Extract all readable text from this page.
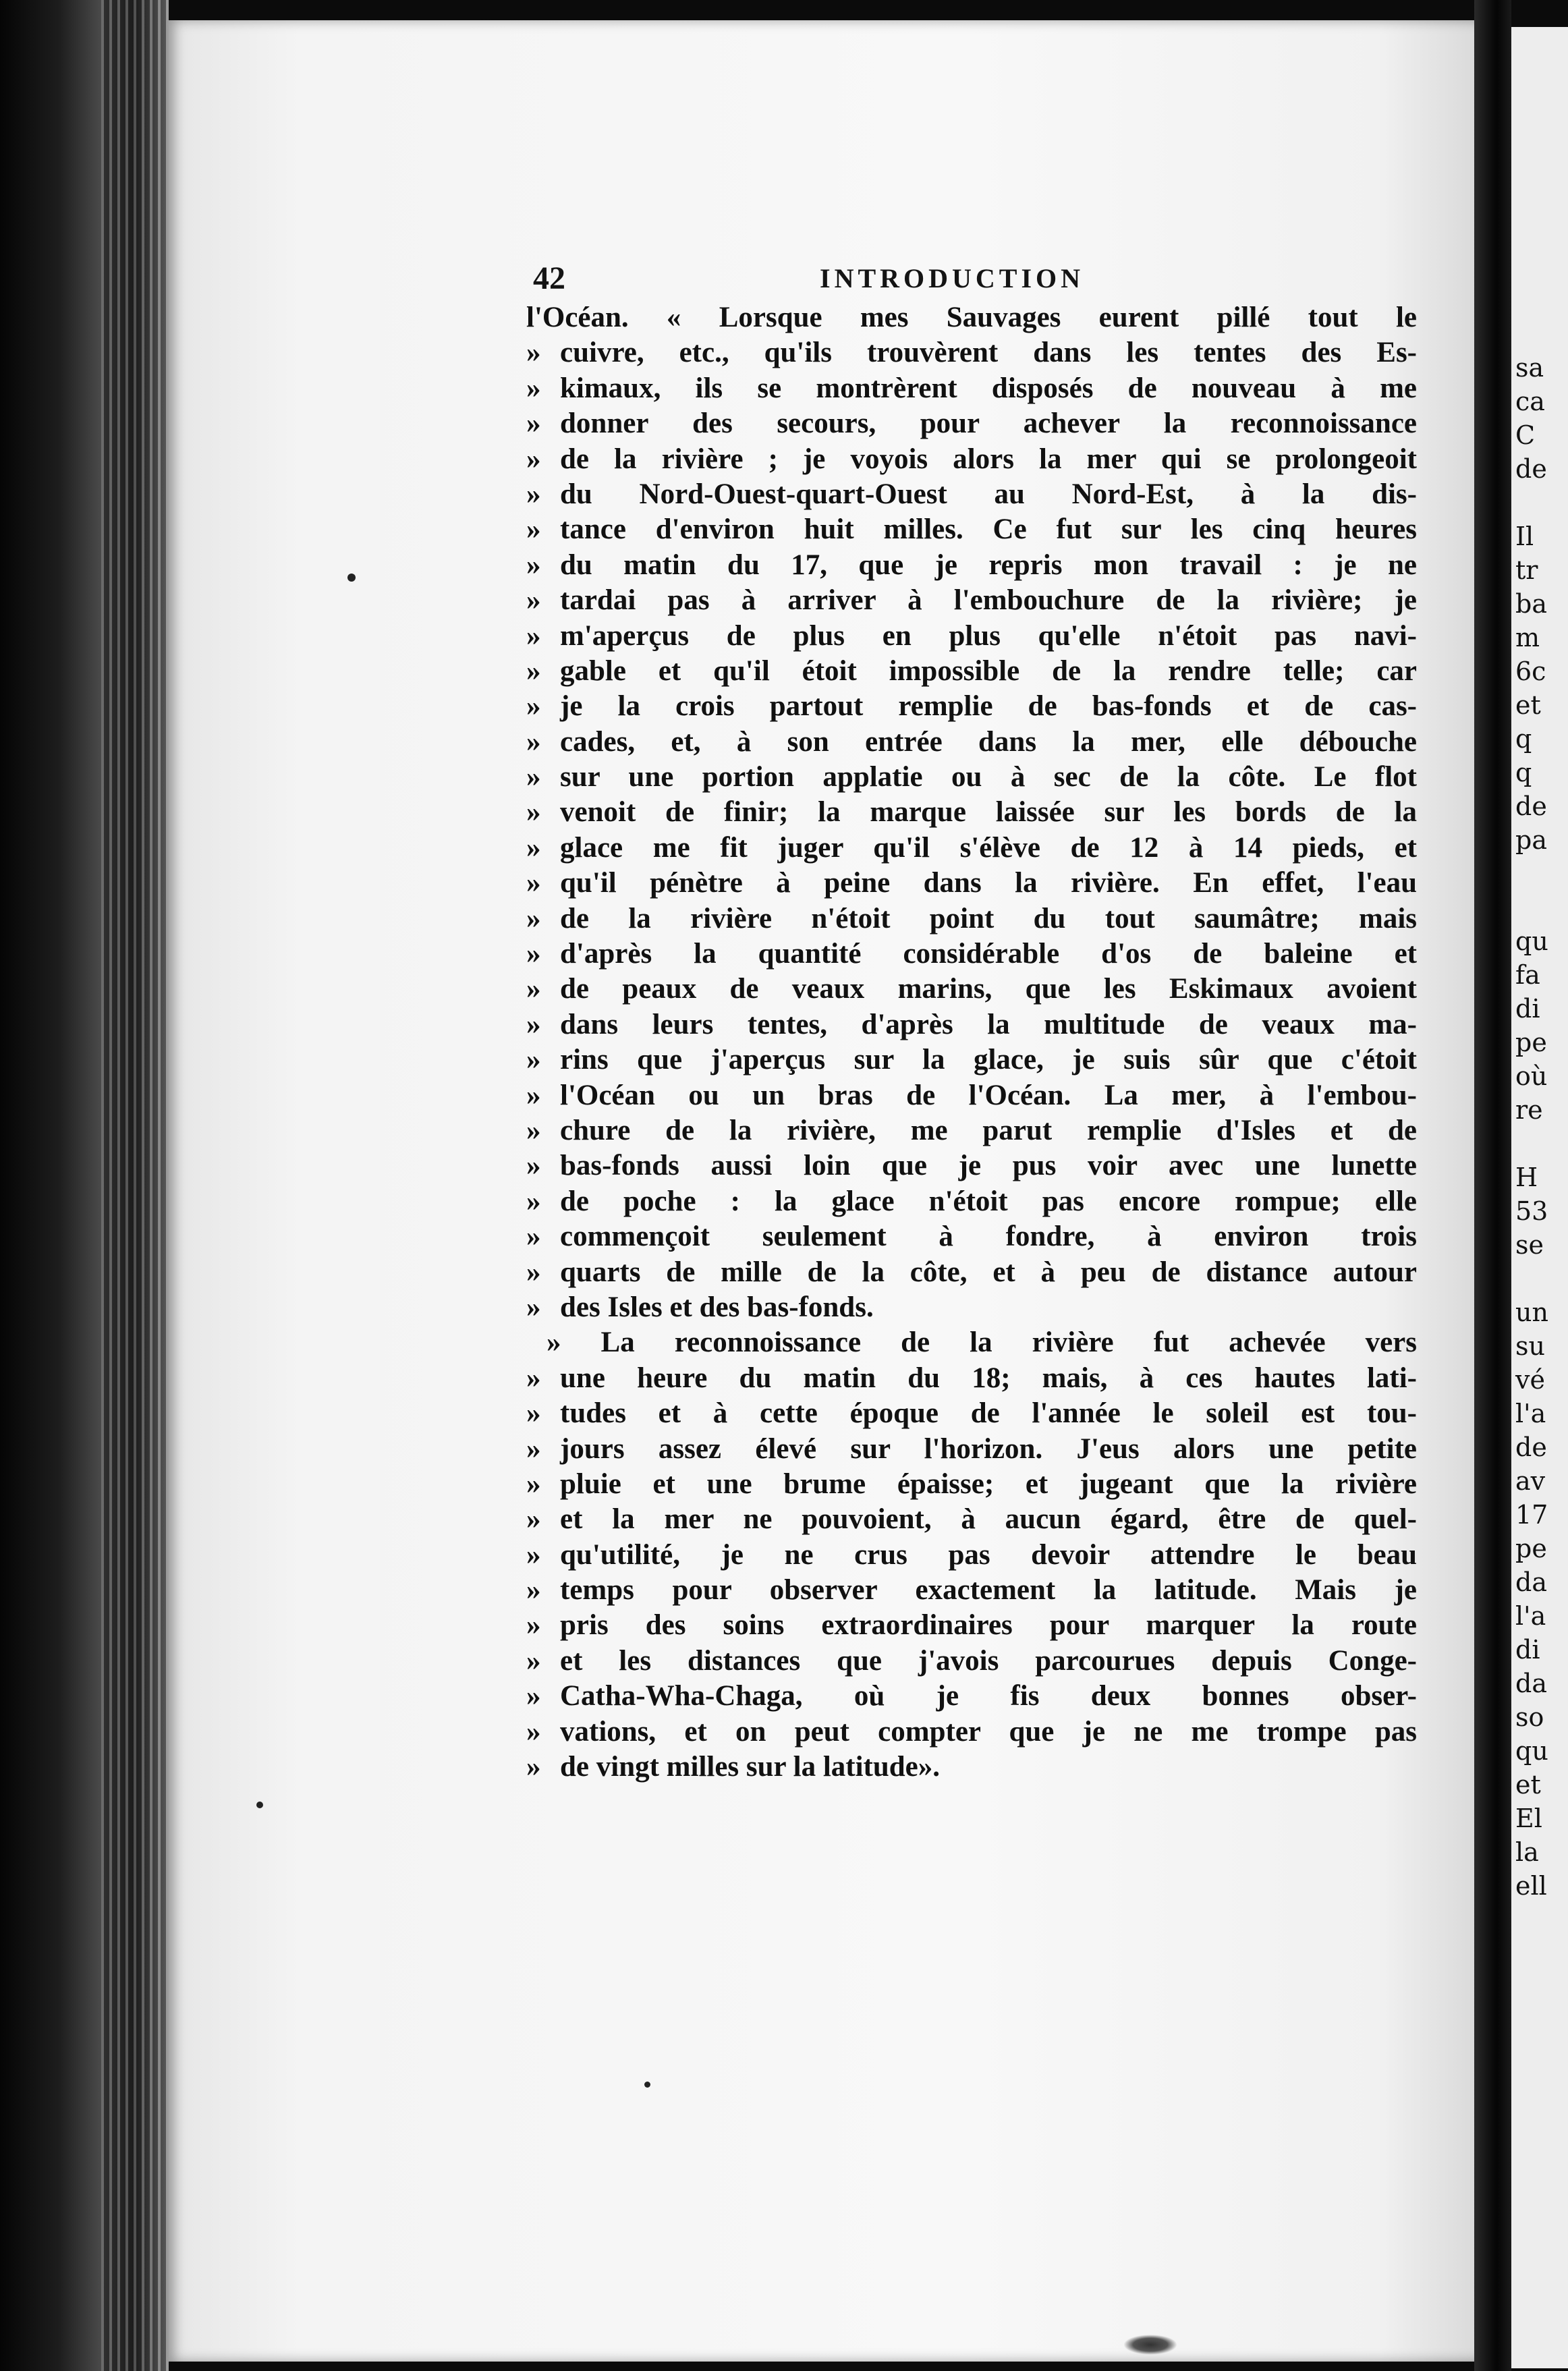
42	INTRODUCTION
l'Océan. « Lorsque mes Sauvages eurent pillé tout le
» cuivre, etc., qu'ils trouvèrent dans les tentes des Es-
» kimaux, ils se montrèrent disposés de nouveau à me
» donner des secours, pour achever la reconnoissance
» de la rivière ; je voyois alors la mer qui se prolongeoit
» du Nord-Ouest-quart-Ouest au Nord-Est, à la dis-
» tance d'environ huit milles. Ce fut sur les cinq heures
» du matin du 17, que je repris mon travail : je ne
» tardai pas à arriver à l'embouchure de la rivière; je
» m'aperçus de plus en plus qu'elle n'étoit pas navi-
» gable et qu'il étoit impossible de la rendre telle; car
» je la crois partout remplie de bas-fonds et de cas-
» cades, et, à son entrée dans la mer, elle débouche
» sur une portion applatie ou à sec de la côte. Le flot
» venoit de finir; la marque laissée sur les bords de la
» glace me fit juger qu'il s'élève de 12 à 14 pieds, et
» qu'il pénètre à peine dans la rivière. En effet, l'eau
» de la rivière n'étoit point du tout saumâtre; mais
» d'après la quantité considérable d'os de baleine et
» de peaux de veaux marins, que les Eskimaux avoient
» dans leurs tentes, d'après la multitude de veaux ma-
» rins que j'aperçus sur la glace, je suis sûr que c'étoit
» l'Océan ou un bras de l'Océan. La mer, à l'embou-
» chure de la rivière, me parut remplie d'Isles et de
» bas-fonds aussi loin que je pus voir avec une lunette
» de poche : la glace n'étoit pas encore rompue; elle
» commençoit seulement à fondre, à environ trois
» quarts de mille de la côte, et à peu de distance autour
» des Isles et des bas-fonds.
» La reconnoissance de la rivière fut achevée vers
» une heure du matin du 18; mais, à ces hautes lati-
» tudes et à cette époque de l'année le soleil est tou-
» jours assez élevé sur l'horizon. J'eus alors une petite
» pluie et une brume épaisse; et jugeant que la rivière
» et la mer ne pouvoient, à aucun égard, être de quel-
» qu'utilité, je ne crus pas devoir attendre le beau
» temps pour observer exactement la latitude. Mais je
» pris des soins extraordinaires pour marquer la route
» et les distances que j'avois parcourues depuis Conge-
» Catha-Wha-Chaga, où je fis deux bonnes obser-
» vations, et on peut compter que je ne me trompe pas
» de vingt milles sur la latitude».
sa
ca
C
de

Il
tr
ba
m
6c
et
q
q
de
pa

qu
fa
di
pe
où
re

H
53
se

un
su
vé
l'a
de
av
17
pe
da
l'a
di
da
so
qu
et
El
la
ell
